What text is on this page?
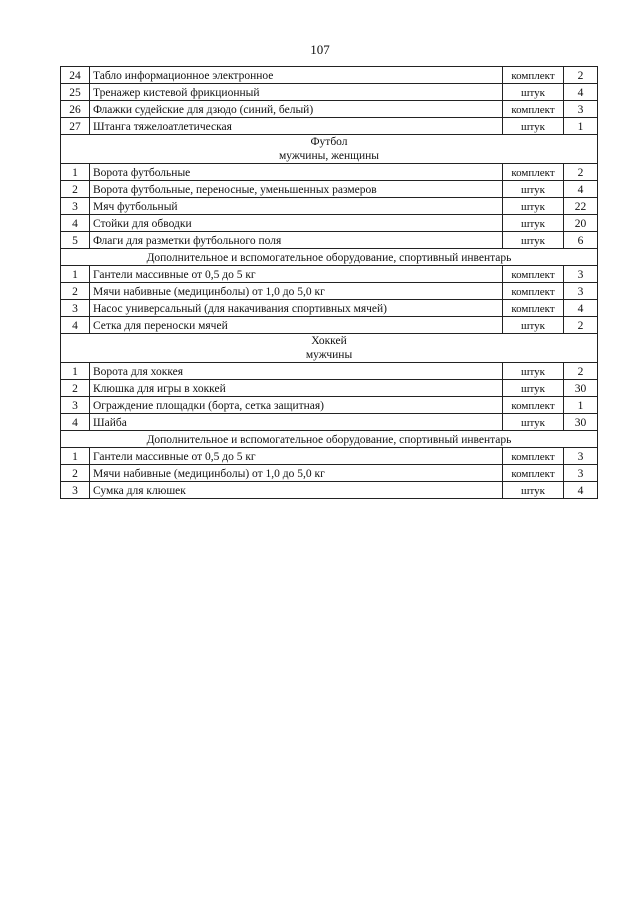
107
24	Табло информационное электронное	комплект	2
25	Тренажер кистевой фрикционный	штук	4
26	Флажки судейские для дзюдо (синий, белый)	комплект	3
27	Штанга тяжелоатлетическая	штук	1

Футбол
мужчины, женщины			

1	Ворота футбольные	комплект	2
2	Ворота футбольные, переносные, уменьшенных размеров	штук	4
3	Мяч футбольный	штук	22
4	Стойки для обводки	штук	20
5	Флаги для разметки футбольного поля	штук	6

Дополнительное и вспомогательное оборудование, спортивный инвентарь			

1	Гантели массивные от 0,5 до 5 кг	комплект	3
2	Мячи набивные (медицинболы) от 1,0 до 5,0 кг	комплект	3
3	Насос универсальный (для накачивания спортивных мячей)	комплект	4
4	Сетка для переноски мячей	штук	2

Хоккей
мужчины			

1	Ворота для хоккея	штук	2
2	Клюшка для игры в хоккей	штук	30
3	Ограждение площадки (борта, сетка защитная)	комплект	1
4	Шайба	штук	30

Дополнительное и вспомогательное оборудование, спортивный инвентарь			

1	Гантели массивные от 0,5 до 5 кг	комплект	3
2	Мячи набивные (медицинболы) от 1,0 до 5,0 кг	комплект	3
3	Сумка для клюшек	штук	4
